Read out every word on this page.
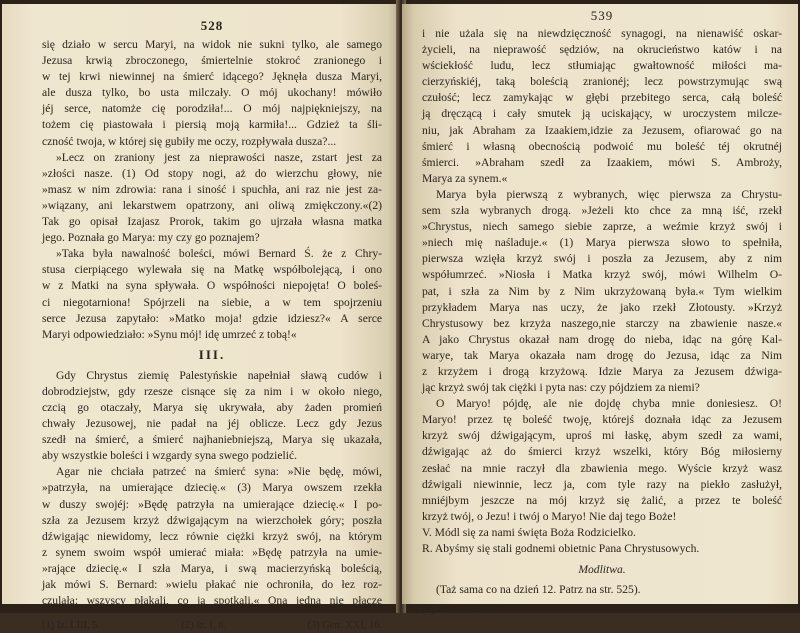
528
się działo w sercu Maryi, na widok nie sukni tylko, ale samego
Jezusa krwią zbroczonego, śmiertelnie stokroć zranionego i
w tej krwi niewinnej na śmierć idącego? Jęknęła dusza Maryi,
ale dusza tylko, bo usta milczały. O mój ukochany! mówiło
jéj serce, natomże cię porodziła!... O mój najpiękniejszy, na
tożem cię piastowała i piersią moją karmiła!... Gdzież ta śli-
czność twoja, w której się gubiły me oczy, rozpływała dusza?...
»Lecz on zraniony jest za nieprawości nasze, zstart jest za
»złości nasze. (1) Od stopy nogi, aż do wierzchu głowy, nie
»masz w nim zdrowia: rana i siność i spuchła, ani raz nie jest za-
»wiązany, ani lekarstwem opatrzony, ani oliwą zmiękczony.«(2)
Tak go opisał Izajasz Prorok, takim go ujrzała własna matka
jego. Poznała go Marya: my czy go poznajem?
»Taka była nawalność boleści, mówi Bernard Ś. że z Chry-
stusa cierpiącego wylewała się na Matkę współbolejącą, i ono
w z Matki na syna spływała. O współności niepojęta! O boleś-
ci niegotarniona! Spójrzeli na siebie, a w tem spojrzeniu
serce Jezusa zapytało: »Matko moja! gdzie idziesz?« A serce
Maryi odpowiedziało: »Synu mój! idę umrzeć z tobą!«
III.
Gdy Chrystus ziemię Palestyńskie napełniał sławą cudów i
dobrodziejstw, gdy rzesze cisnące się za nim i w około niego,
czcią go otaczały, Marya się ukrywała, aby żaden promień
chwały Jezusowej, nie padał na jéj oblicze. Lecz gdy Jezus
szedł na śmierć, a śmierć najhaniebniejszą, Marya się ukazała,
aby wszystkie boleści i wzgardy syna swego podzielić.
Agar nie chciała patrzeć na śmierć syna: »Nie będę, mówi,
»patrzyła, na umierające dziecię.« (3) Marya owszem rzekła
w duszy swojéj: »Będę patrzyła na umierające dziecię.« I po-
szła za Jezusem krzyż dźwigającym na wierzchołek góry; poszła
dźwigając niewidomy, lecz równie ciężki krzyż swój, na którym
z synem swoim współ umierać miała: »Będę patrzyła na umie-
»rające dziecię.« I szła Marya, i swą macierzyńską boleścią,
jak mówi S. Bernard: »wielu płakać nie ochroniła, do łez roz-
czulała: wszyscy płakali, co ją spotkali.« Ona jedna nie płacze
(1) Iz. LIII, 5.	(2) Iz. I, 6.	(3) Gen. XXI, 16.
539
i nie użala się na niewdzięczność synagogi, na nienawiść oskar-
życieli, na nieprawość sędziów, na okrucieństwo katów i na
wściekłość ludu, lecz stłumiając gwałtowność miłości ma-
cierzyńskiéj, taką boleścią zranionéj; lecz powstrzymując swą
czułość; lecz zamykając w głębi przebitego serca, całą boleść
ją dręczącą i cały smutek ją uciskający, w uroczystem milcze-
niu, jak Abraham za Izaakiem,idzie za Jezusem, ofiarować go na
śmierć i własną obecnością podwoić mu boleść téj okrutnéj
śmierci. »Abraham szedł za Izaakiem, mówi S. Ambroży,
Marya za synem.«
Marya była pierwszą z wybranych, więc pierwsza za Chrystu-
sem szła wybranych drogą. »Jeżeli kto chce za mną iść, rzekł
»Chrystus, niech samego siebie zaprze, a weźmie krzyż swój i
»niech mię naśladuje.« (1) Marya pierwsza słowo to spełniła,
pierwsza wzięła krzyż swój i poszła za Jezusem, aby z nim
współumrzeć. »Niosła i Matka krzyż swój, mówi Wilhelm O-
pat, i szła za Nim by z Nim ukrzyżowaną była.« Tym wielkim
przykładem Marya nas uczy, że jako rzekł Złotousty. »Krzyż
Chrystusowy bez krzyża naszego,nie starczy na zbawienie nasze.«
A jako Chrystus okazał nam drogę do nieba, idąc na górę Kal-
warye, tak Marya okazała nam drogę do Jezusa, idąc za Nim
z krzyżem i drogą krzyżową. Idzie Marya za Jezusem dźwiga-
jąc krzyż swój tak ciężki i pyta nas: czy pójdziem za niemi?
O Maryo! pójdę, ale nie dojdę chyba mnie doniesiesz. O!
Maryo! przez tę boleść twoję, którejś doznała idąc za Jezusem
krzyż swój dźwigającym, uproś mi łaskę, abym szedł za wami,
dźwigając aż do śmierci krzyż wszelki, który Bóg miłosierny
zesłać na mnie raczył dla zbawienia mego. Wyście krzyż wasz
dźwigali niewinnie, lecz ja, com tyle razy na piekło zasłużył,
mniéjbym jeszcze na mój krzyż się żalić, a przez te boleść
krzyż twój, o Jezu! i twój o Maryo! Nie daj tego Boże!
V. Módl się za nami święta Boża Rodzicielko.
R. Abyśmy się stali godnemi obietnic Pana Chrystusowych.
Modlitwa.
(Taż sama co na dzień 12. Patrz na str. 525).
(1) Mar. VIII, 34.	69
